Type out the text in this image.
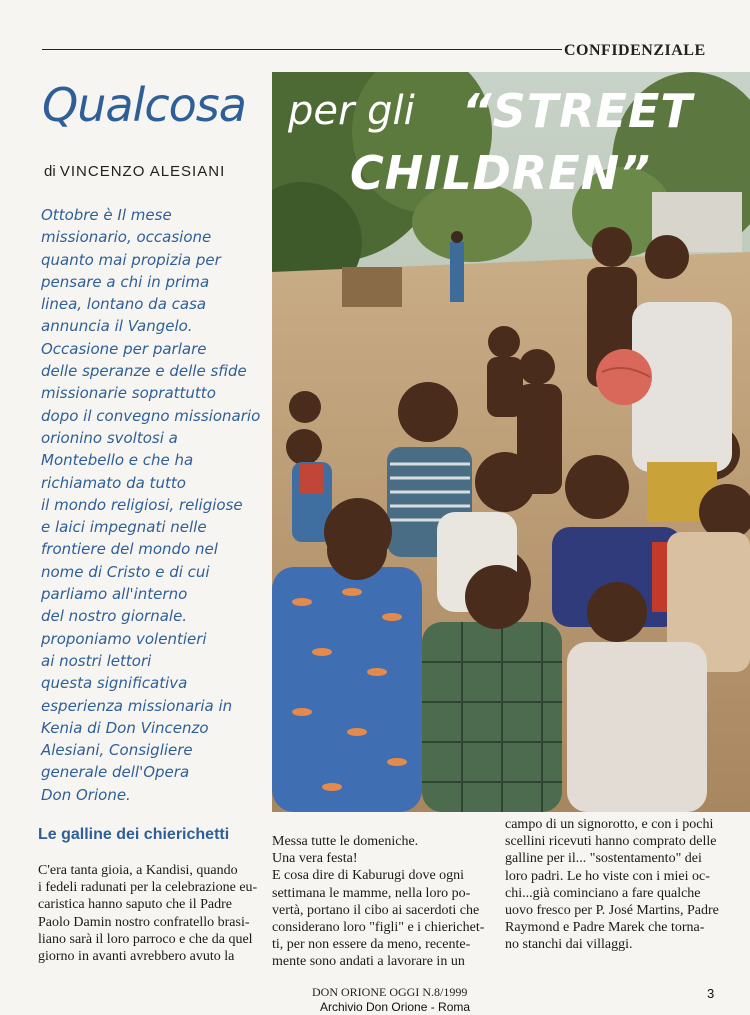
CONFIDENZIALE
Qualcosa per gli “STREET
CHILDREN”
di VINCENZO ALESIANI
Ottobre è Il mese
missionario, occasione
quanto mai propizia per
pensare a chi in prima
linea, lontano da casa
annuncia il Vangelo.
Occasione per parlare
delle speranze e delle sfide
missionarie soprattutto
dopo il convegno missionario
orionino svoltosi a
Montebello e che ha
richiamato da tutto
il mondo religiosi, religiose
e laici impegnati nelle
frontiere del mondo nel
nome di Cristo e di cui
parliamo all'interno
del nostro giornale.
proponiamo volentieri
ai nostri lettori
questa significativa
esperienza missionaria in
Kenia di Don Vincenzo
Alesiani, Consigliere
generale dell'Opera
Don Orione.
Le galline dei chierichetti
C'era tanta gioia, a Kandisi, quando
i fedeli radunati per la celebrazione eu-
caristica hanno saputo che il Padre
Paolo Damin nostro confratello brasi-
liano sarà il loro parroco e che da quel
giorno in avanti avrebbero avuto la
Messa tutte le domeniche.
Una vera festa!
E cosa dire di Kaburugi dove ogni
settimana le mamme, nella loro po-
vertà, portano il cibo ai sacerdoti che
considerano loro "figli" e i chierichet-
ti, per non essere da meno, recente-
mente sono andati a lavorare in un
campo di un signorotto, e con i pochi
scellini ricevuti hanno comprato delle
galline per il... "sostentamento" dei
loro padri. Le ho viste con i miei oc-
chi...già cominciano a fare qualche
uovo fresco per P. José Martins, Padre
Raymond e Padre Marek che torna-
no stanchi dai villaggi.
DON ORIONE OGGI N.8/1999
Archivio Don Orione - Roma
3
